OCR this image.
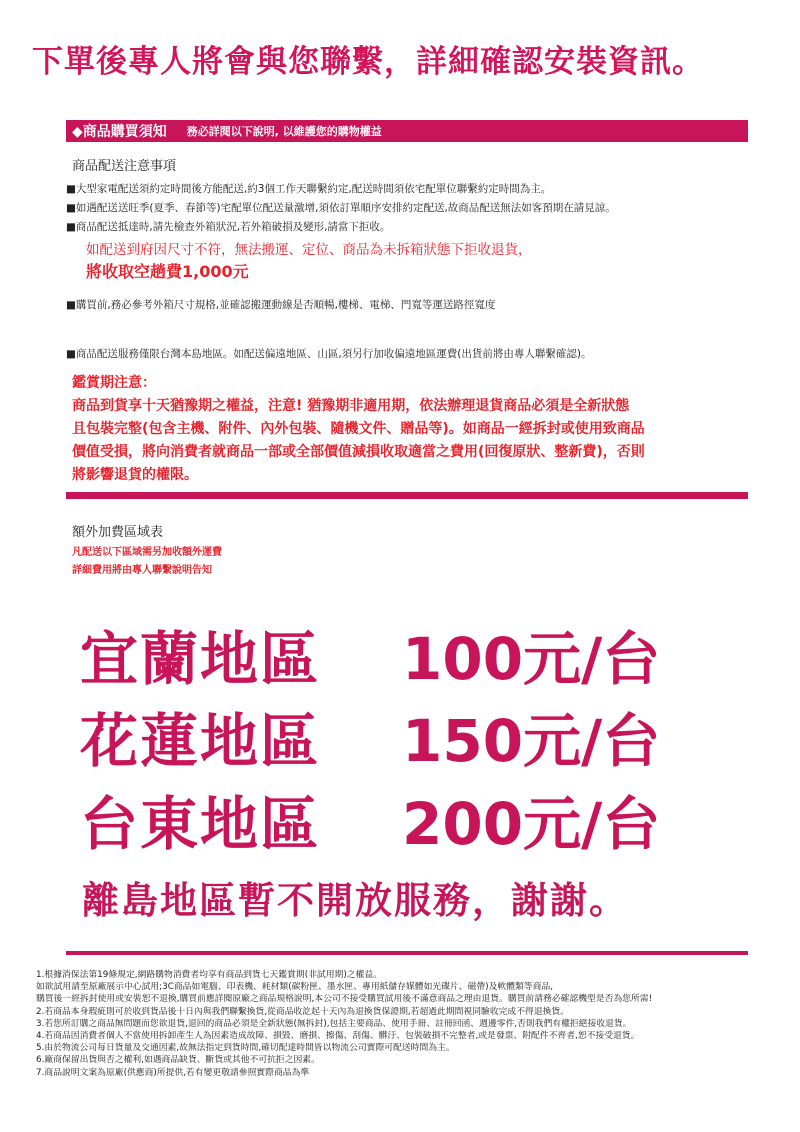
下單後專人將會與您聯繫，詳細確認安裝資訊。
◆商品購買須知 務必詳閱以下說明, 以維護您的購物權益
商品配送注意事項
■大型家電配送須約定時間後方能配送,約3個工作天聯繫約定,配送時間須依宅配單位聯繫約定時間為主。
■如遇配送送旺季(夏季、春節等)宅配單位配送量激增,須依訂單順序安排約定配送,故商品配送無法如客預期在請見諒。
■商品配送抵達時,請先檢查外箱狀況,若外箱破損及變形,請當下拒收。
如配送到府因尺寸不符，無法搬運、定位、商品為未拆箱狀態下拒收退貨，
將收取空趟費1,000元
■購買前,務必參考外箱尺寸規格,並確認搬運動線是否順暢,樓梯、電梯、門寬等運送路徑寬度
■商品配送服務僅限台灣本島地區。如配送偏遠地區、山區,須另行加收偏遠地區運費(出貨前將由專人聯繫確認)。
鑑賞期注意：
商品到貨享十天猶豫期之權益，注意! 猶豫期非適用期，依法辦理退貨商品必須是全新狀態
且包裝完整(包含主機、附件、內外包裝、隨機文件、贈品等)。如商品一經拆封或使用致商品
價值受損，將向消費者就商品一部或全部價值減損收取適當之費用(回復原狀、整新費)，否則
將影響退貨的權限。
額外加費區域表
凡配送以下區域需另加收額外運費
詳細費用將由專人聯繫說明告知
宜蘭地區 100元/台
花蓮地區 150元/台
台東地區 200元/台
離島地區暫不開放服務，謝謝。
1.根據消保法第19條規定,網路購物消費者均享有商品到貨七天鑑賞期(非試用期)之權益。
如欲試用請至原廠展示中心試用;3C商品如電腦、印表機、耗材類(碳粉匣、墨水匣、專用紙儲存媒體如光碟片、磁帶)及軟體類等商品,
購買後一經拆封使用或安裝恕不退換,購買前應詳閱原廠之商品規格說明,本公司不接受購買試用後不滿意商品之理由退貨。購買前請務必確認機型是否為您所需!
2.若商品本身瑕疵則可於收到貨品後十日內與我們聯繫換貨,從商品收訖起十天內為退換貨保證期,若超過此期間視同驗收完成不得退換貨。
3.若您所訂購之商品無問題而您欲退貨,退回的商品必須是全新狀態(無拆封),包括主要商品、使用手冊、註冊回函、週邊零件,否則我們有權拒絕接收退貨。
4.若商品因消費者個人不當使用拆卸產生人為因素造成故障、損毀、磨損、擦傷、刮傷、髒汙、包裝破損不完整者,或是發票、附配件不齊者,恕不接受退貨。
5.由於物流公司每日貨量及交通因素,故無法指定到貨時間,確切配達時間皆以物流公司實際可配送時間為主。
6.廠商保留出貨與否之權利,如遇商品缺貨、斷貨或其他不可抗拒之因素。
7.商品說明文案為原廠(供應商)所提供,若有變更敬請參照實際商品為準
